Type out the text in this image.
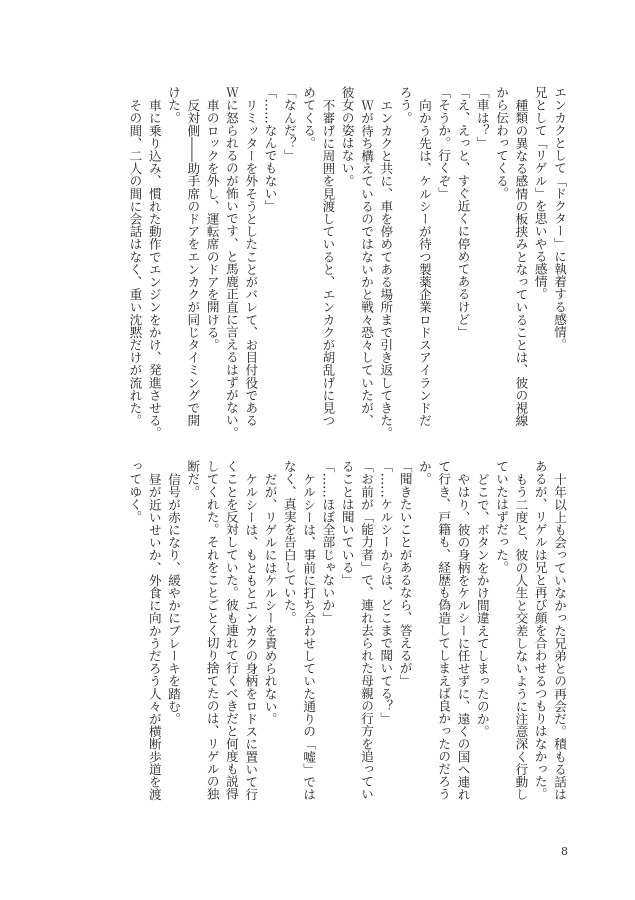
エンカクとして「ドクター」に執着する感情。
兄として「リゲル」を思いやる感情。
種類の異なる感情の板挟みとなっていることは、彼の視線
から伝わってくる。
「車は？」
「え、えっと、すぐ近くに停めてあるけど」
「そうか。行くぞ」
向かう先は、ケルシーが待つ製薬企業ロドスアイランドだ
ろう。
エンカクと共に、車を停めてある場所まで引き返してきた。
Ｗが待ち構えているのではないかと戦々恐々していたが、
彼女の姿はない。
不審げに周囲を見渡していると、エンカクが胡乱げに見つ
めてくる。
「なんだ？」
「……なんでもない」
リミッターを外そうとしたことがバレて、お目付役である
Ｗに怒られるのが怖いです、と馬鹿正直に言えるはずがない。
車のロックを外し、運転席のドアを開ける。
反対側――助手席のドアをエンカクが同じタイミングで開
けた。
車に乗り込み、慣れた動作でエンジンをかけ、発進させる。
その間、二人の間に会話はなく、重い沈黙だけが流れた。
十年以上も会っていなかった兄弟との再会だ。積もる話は
あるが、リゲルは兄と再び顔を合わせるつもりはなかった。
もう二度と、彼の人生と交差しないように注意深く行動し
ていたはずだった。
どこで、ボタンをかけ間違えてしまったのか。
やはり、彼の身柄をケルシーに任せずに、遠くの国へ連れ
て行き、戸籍も、経歴も偽造してしまえば良かったのだろう
か。
「聞きたいことがあるなら、答えるが」
「……ケルシーからは、どこまで聞いてる？」
「お前が「能力者」で、連れ去られた母親の行方を追ってい
ることは聞いている」
「……ほぼ全部じゃないか」
ケルシーは、事前に打ち合わせしていた通りの「嘘」では
なく、真実を告白していた。
だが、リゲルにはケルシーを責められない。
ケルシーは、もともとエンカクの身柄をロドスに置いて行
くことを反対していた。彼も連れて行くべきだと何度も説得
してくれた。それをことごとく切り捨てたのは、リゲルの独
断だ。
信号が赤になり、緩やかにブレーキを踏む。
昼が近いせいか、外食に向かうだろう人々が横断歩道を渡
ってゆく。
8
